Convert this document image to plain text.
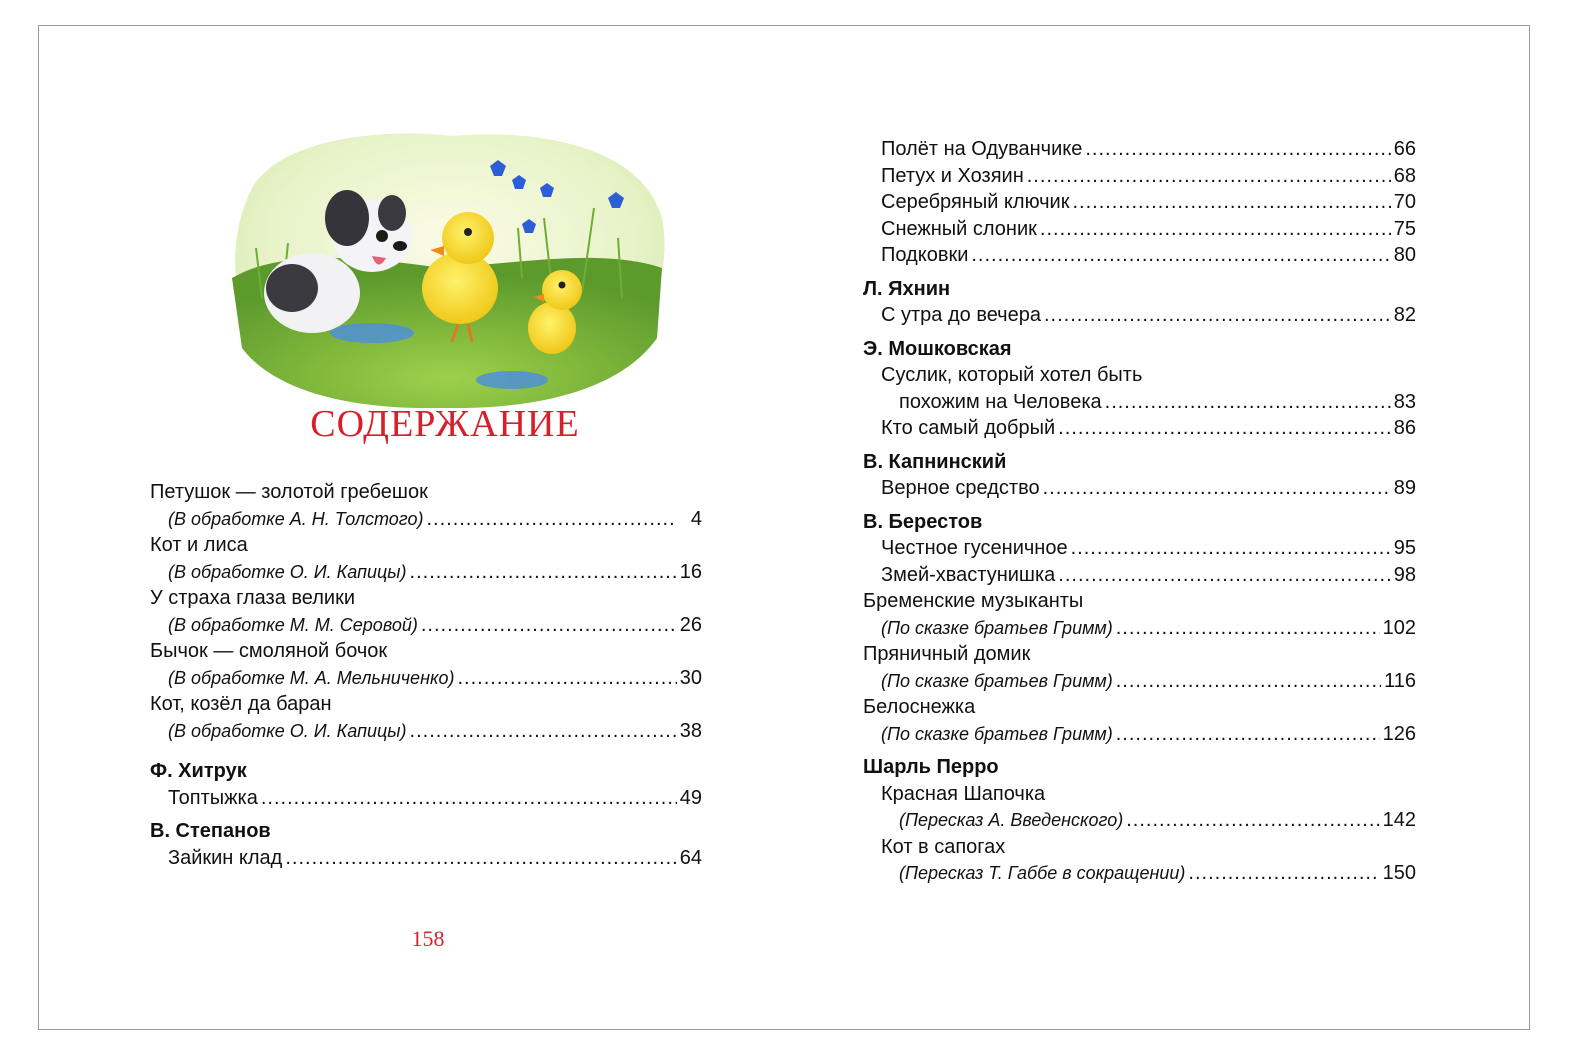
СОДЕРЖАНИЕ
Петушок — золотой гребешок
(В обработке А. Н. Толстого) .....	4
Кот и лиса
(В обработке О. И. Капицы) .....	16
У страха глаза велики
(В обработке М. М. Серовой) .....	26
Бычок — смоляной бочок
(В обработке М. А. Мельниченко) .....	30
Кот, козёл да баран
(В обработке О. И. Капицы) .....	38
Ф. Хитрук
Топтыжка .....	49
В. Степанов
Зайкин клад .....	64
158
Полёт на Одуванчике .....	66
Петух и Хозяин .....	68
Серебряный ключик .....	70
Снежный слоник .....	75
Подковки .....	80
Л. Яхнин
С утра до вечера .....	82
Э. Мошковская
Суслик, который хотел быть
похожим на Человека .....	83
Кто самый добрый .....	86
В. Капнинский
Верное средство .....	89
В. Берестов
Честное гусеничное .....	95
Змей-хвастунишка .....	98
Бременские музыканты
(По сказке братьев Гримм) .....	102
Пряничный домик
(По сказке братьев Гримм) .....	116
Белоснежка
(По сказке братьев Гримм) .....	126
Шарль Перро
Красная Шапочка
(Пересказ А. Введенского) .....	142
Кот в сапогах
(Пересказ Т. Габбе в сокращении) .....	150
